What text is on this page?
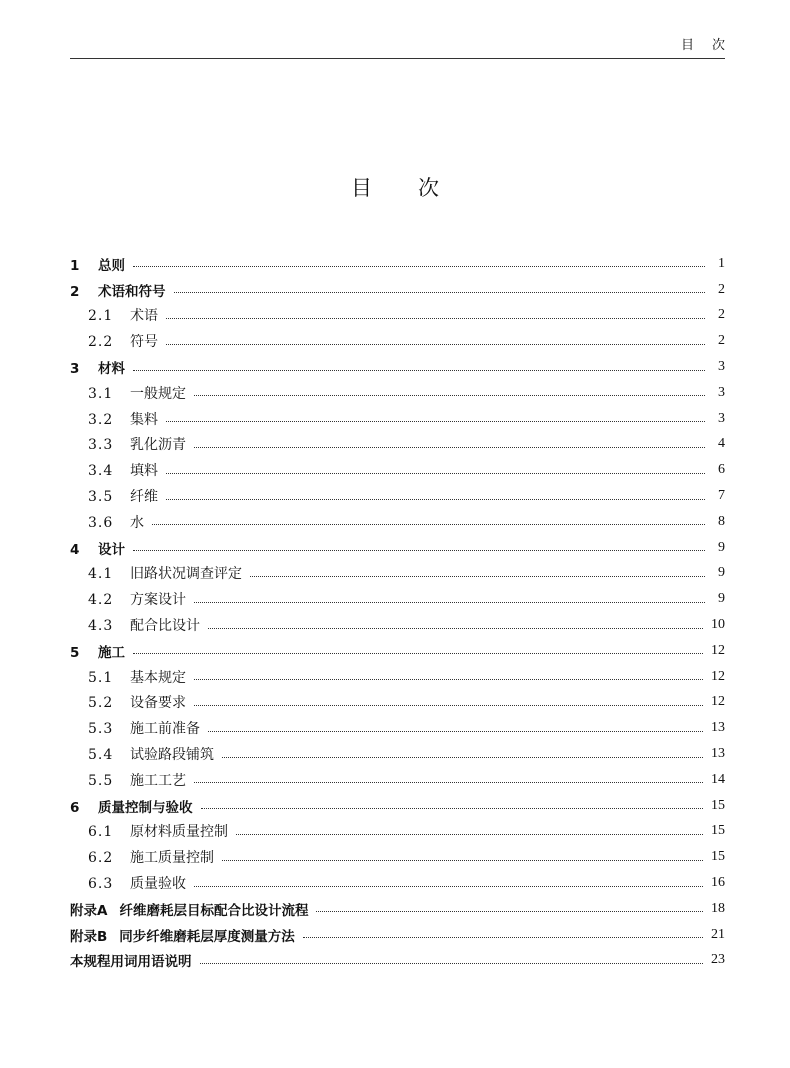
目次
目次
1 总则	1
2 术语和符号	2
2.1 术语	2
2.2 符号	2
3 材料	3
3.1 一般规定	3
3.2 集料	3
3.3 乳化沥青	4
3.4 填料	6
3.5 纤维	7
3.6 水	8
4 设计	9
4.1 旧路状况调查评定	9
4.2 方案设计	9
4.3 配合比设计	10
5 施工	12
5.1 基本规定	12
5.2 设备要求	12
5.3 施工前准备	13
5.4 试验路段铺筑	13
5.5 施工工艺	14
6 质量控制与验收	15
6.1 原材料质量控制	15
6.2 施工质量控制	15
6.3 质量验收	16
附录A 纤维磨耗层目标配合比设计流程	18
附录B 同步纤维磨耗层厚度测量方法	21
本规程用词用语说明	23
